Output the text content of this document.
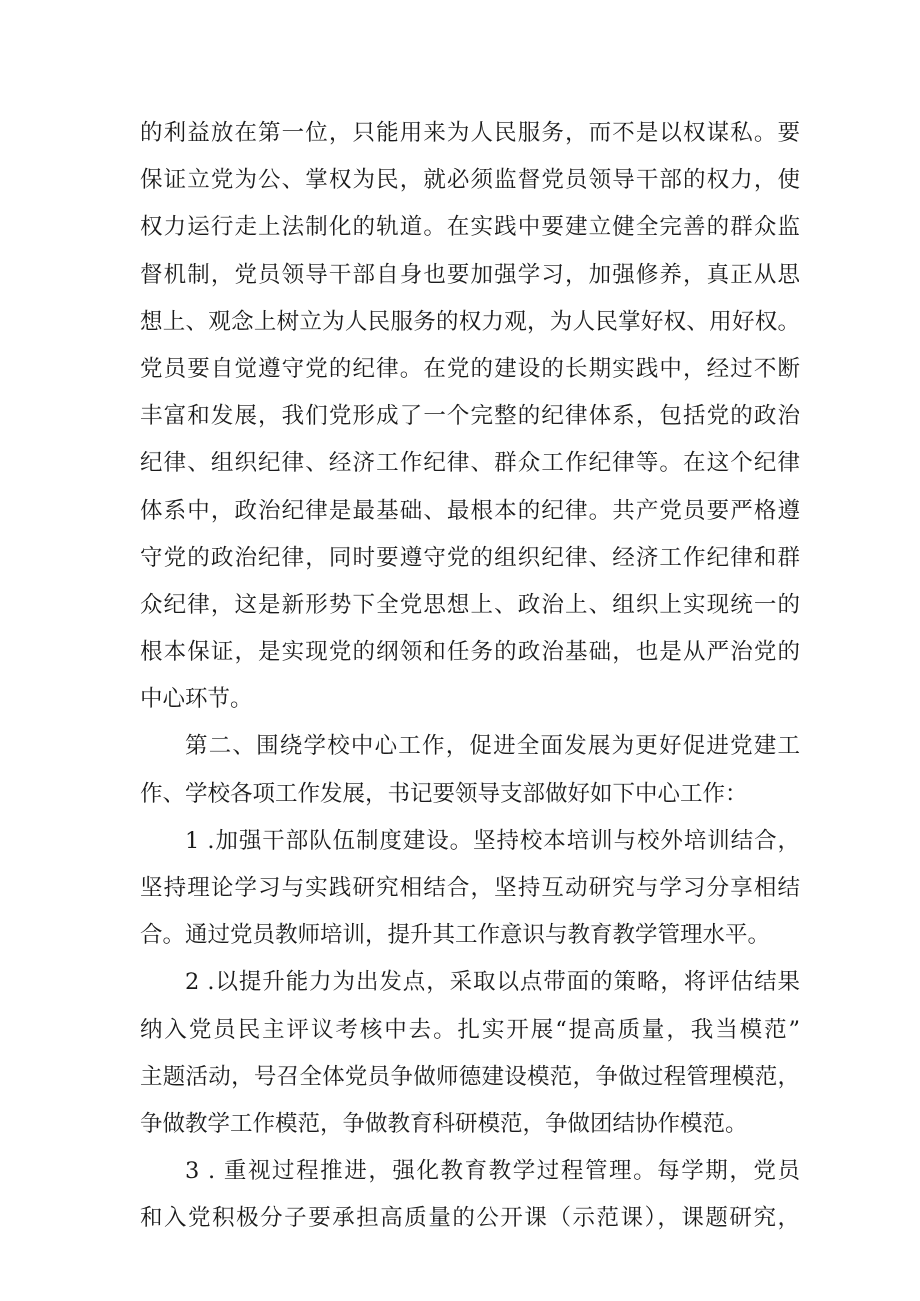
的利益放在第一位，只能用来为人民服务，而不是以权谋私。要
保证立党为公、掌权为民，就必须监督党员领导干部的权力，使
权力运行走上法制化的轨道。在实践中要建立健全完善的群众监
督机制，党员领导干部自身也要加强学习，加强修养，真正从思
想上、观念上树立为人民服务的权力观，为人民掌好权、用好权。
党员要自觉遵守党的纪律。在党的建设的长期实践中，经过不断
丰富和发展，我们党形成了一个完整的纪律体系，包括党的政治
纪律、组织纪律、经济工作纪律、群众工作纪律等。在这个纪律
体系中，政治纪律是最基础、最根本的纪律。共产党员要严格遵
守党的政治纪律，同时要遵守党的组织纪律、经济工作纪律和群
众纪律，这是新形势下全党思想上、政治上、组织上实现统一的
根本保证，是实现党的纲领和任务的政治基础，也是从严治党的
中心环节。
第二、围绕学校中心工作，促进全面发展为更好促进党建工
作、学校各项工作发展，书记要领导支部做好如下中心工作：
1 .加强干部队伍制度建设。坚持校本培训与校外培训结合，
坚持理论学习与实践研究相结合，坚持互动研究与学习分享相结
合。通过党员教师培训，提升其工作意识与教育教学管理水平。
2 .以提升能力为出发点，采取以点带面的策略，将评估结果
纳入党员民主评议考核中去。扎实开展“提高质量，我当模范”
主题活动，号召全体党员争做师德建设模范，争做过程管理模范，
争做教学工作模范，争做教育科研模范，争做团结协作模范。
3 . 重视过程推进，强化教育教学过程管理。每学期，党员
和入党积极分子要承担高质量的公开课（示范课），课题研究，
